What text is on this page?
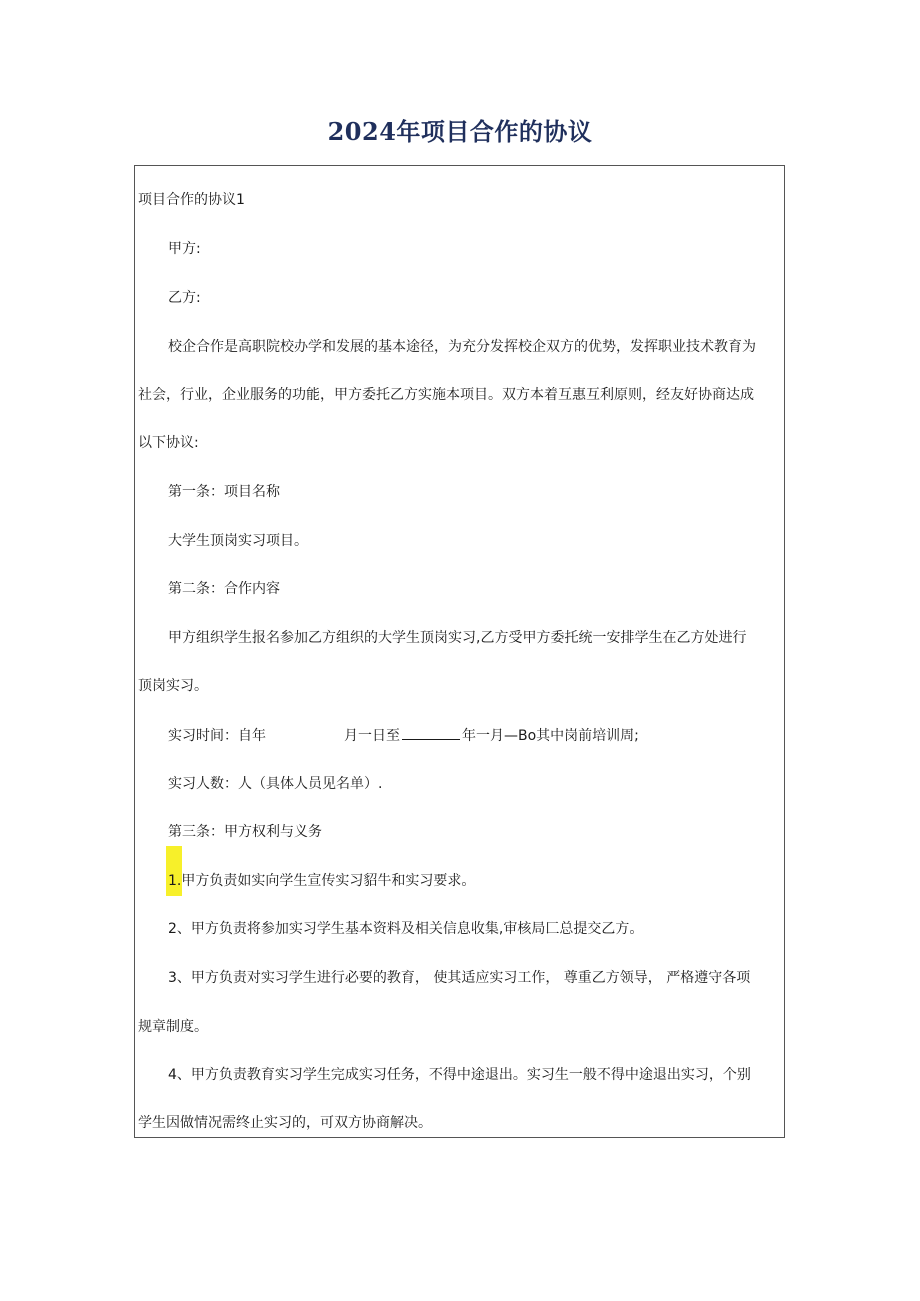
2024年项目合作的协议
项目合作的协议1
甲方:
乙方:
校企合作是高职院校办学和发展的基本途径，为充分发挥校企双方的优势，发挥职业技术教育为
社会，行业，企业服务的功能，甲方委托乙方实施本项目。双方本着互惠互利原则，经友好协商达成
以下协议:
第一条：项目名称
大学生顶岗实习项目。
第二条：合作内容
甲方组织学生报名参加乙方组织的大学生顶岗实习,乙方受甲方委托统一安排学生在乙方处进行
顶岗实习。
实习时间：自年	月一日至	年一月—Bo其中岗前培训周;
实习人数：人（具体人员见名单）.
第三条：甲方权利与义务
1.甲方负责如实向学生宣传实习貂牛和实习要求。
2、甲方负责将参加实习学生基本资料及相关信息收集,审核局匚总提交乙方。
3、甲方负责对实习学生进行必要的教育， 使其适应实习工作， 尊重乙方领导， 严格遵守各项
规章制度。
4、甲方负责教育实习学生完成实习任务，不得中途退出。实习生一般不得中途退出实习，个别
学生因做情况需终止实习的，可双方协商解决。
